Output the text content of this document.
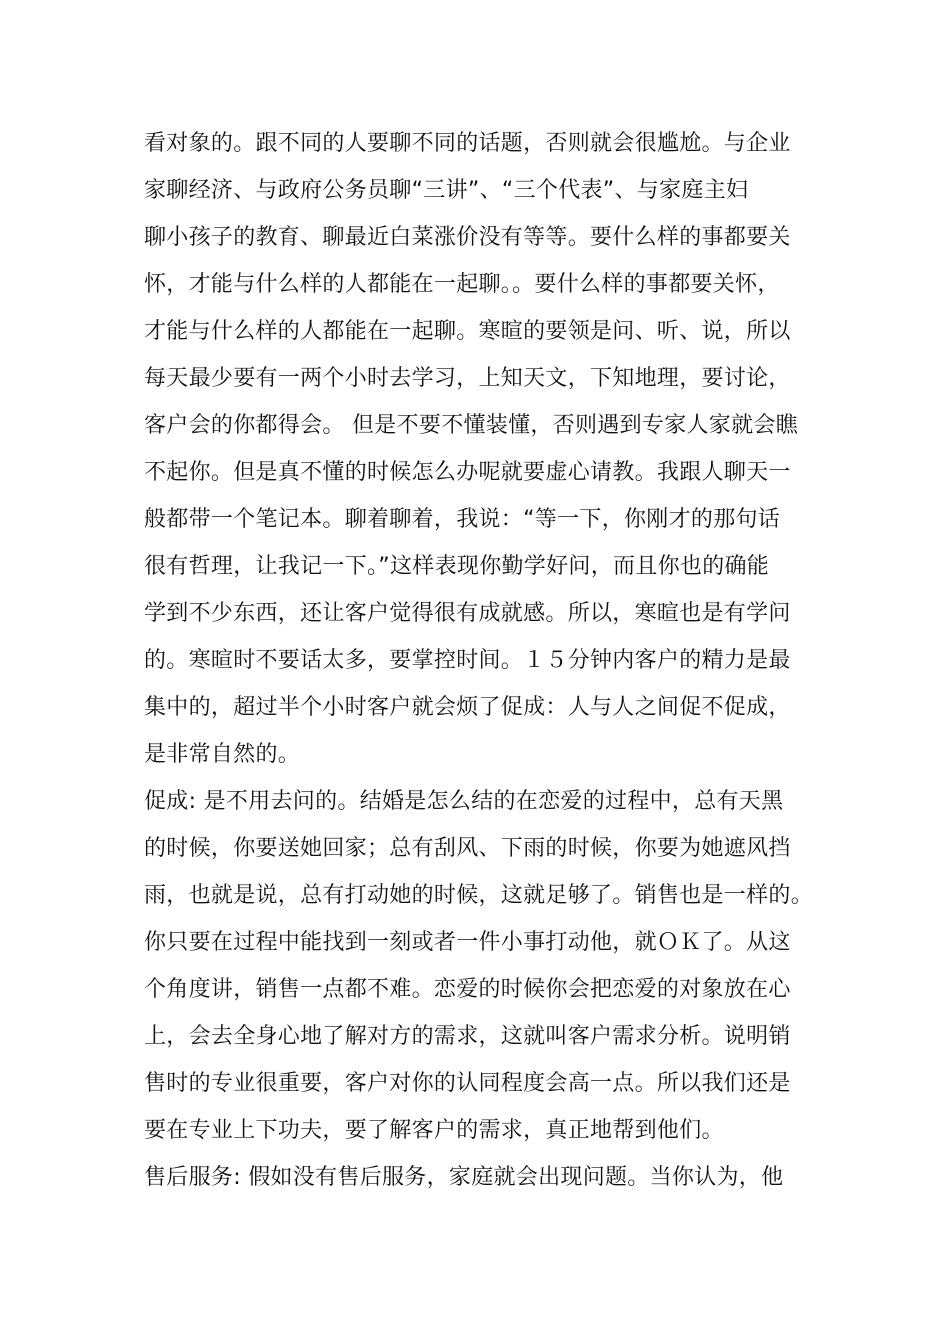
看对象的。跟不同的人要聊不同的话题，否则就会很尴尬。与企业
家聊经济、与政府公务员聊“三讲”、“三个代表”、与家庭主妇
聊小孩子的教育、聊最近白菜涨价没有等等。要什么样的事都要关
怀，才能与什么样的人都能在一起聊。。要什么样的事都要关怀，
才能与什么样的人都能在一起聊。寒暄的要领是问、听、说，所以
每天最少要有一两个小时去学习，上知天文，下知地理，要讨论，
客户会的你都得会。 但是不要不懂装懂，否则遇到专家人家就会瞧
不起你。但是真不懂的时候怎么办呢就要虚心请教。我跟人聊天一
般都带一个笔记本。聊着聊着，我说：“等一下，你刚才的那句话
很有哲理，让我记一下。”这样表现你勤学好问，而且你也的确能
学到不少东西，还让客户觉得很有成就感。所以，寒暄也是有学问
的。寒暄时不要话太多，要掌控时间。１５分钟内客户的精力是最
集中的，超过半个小时客户就会烦了促成：人与人之间促不促成，
是非常自然的。
促成: 是不用去问的。结婚是怎么结的在恋爱的过程中，总有天黑
的时候，你要送她回家；总有刮风、下雨的时候，你要为她遮风挡
雨，也就是说，总有打动她的时候，这就足够了。销售也是一样的。
你只要在过程中能找到一刻或者一件小事打动他，就ＯＫ了。从这
个角度讲，销售一点都不难。恋爱的时候你会把恋爱的对象放在心
上，会去全身心地了解对方的需求，这就叫客户需求分析。说明销
售时的专业很重要，客户对你的认同程度会高一点。所以我们还是
要在专业上下功夫，要了解客户的需求，真正地帮到他们。
售后服务: 假如没有售后服务，家庭就会出现问题。当你认为，他
